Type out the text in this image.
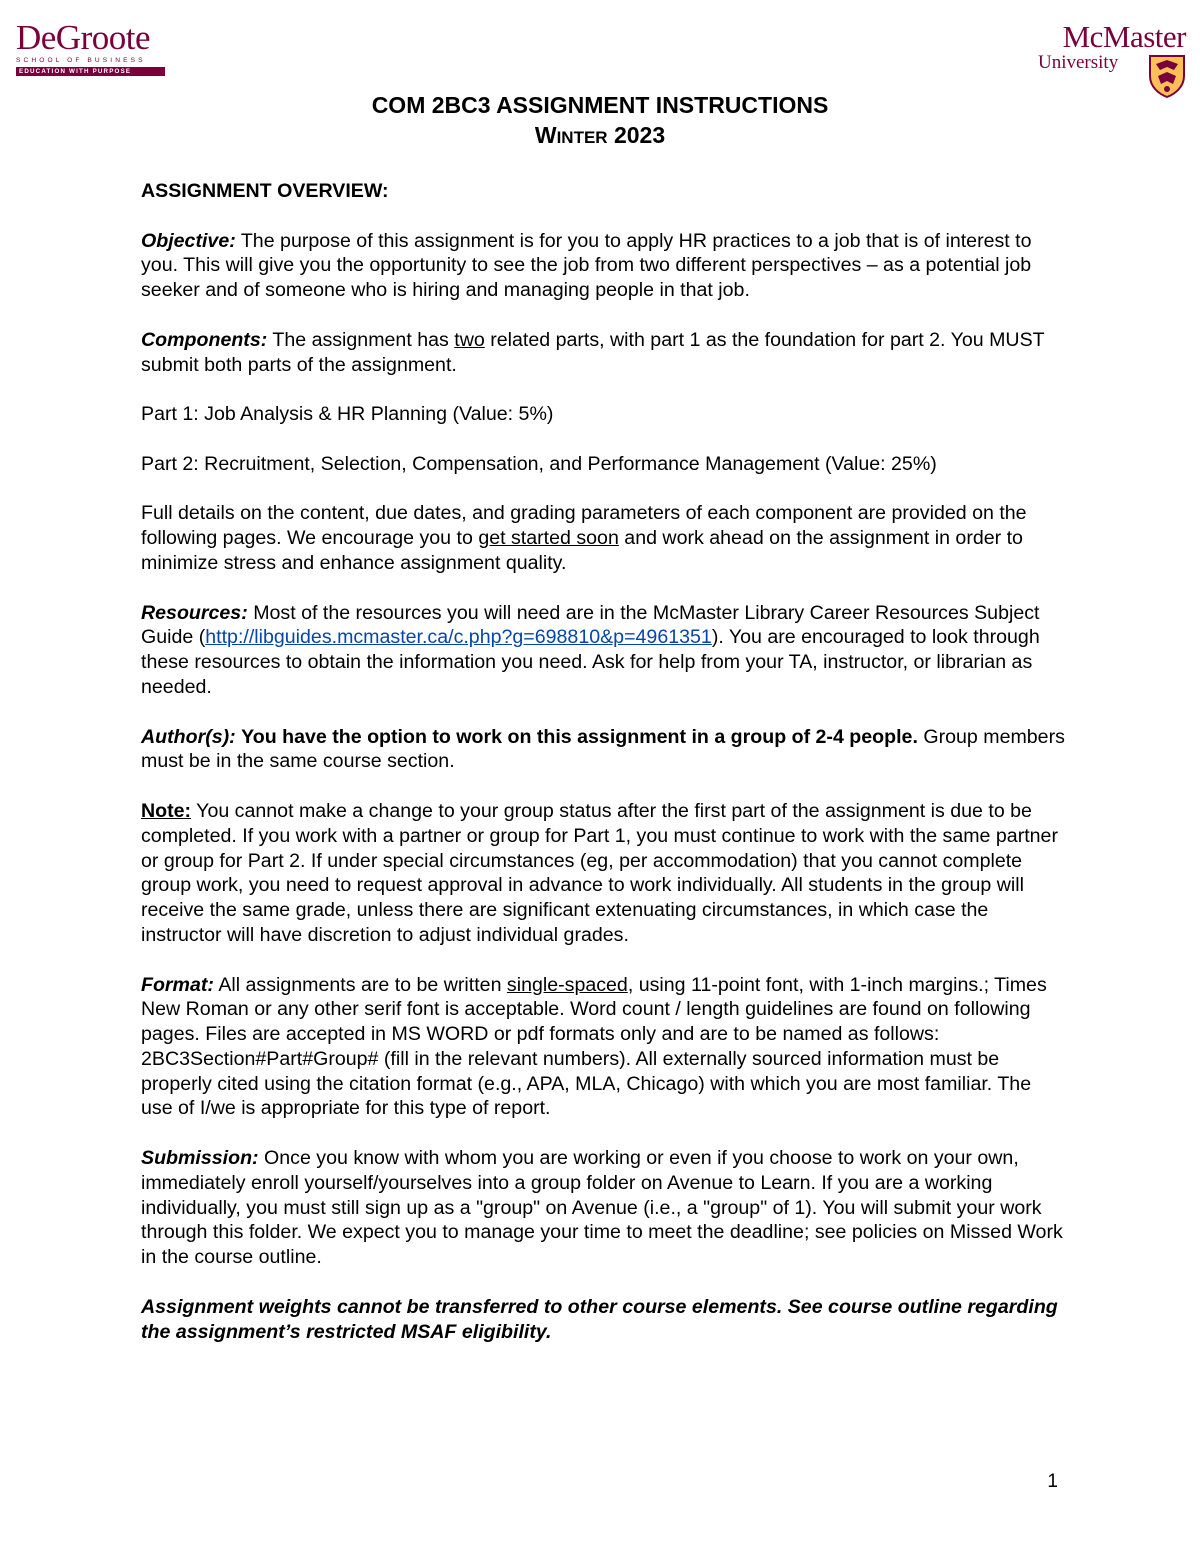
DeGroote
SCHOOL OF BUSINESS
EDUCATION WITH PURPOSE
McMaster
University
COM 2BC3 ASSIGNMENT INSTRUCTIONS
WINTER 2023

ASSIGNMENT OVERVIEW:

Objective: The purpose of this assignment is for you to apply HR practices to a job that is of interest to you. This will give you the opportunity to see the job from two different perspectives – as a potential job seeker and of someone who is hiring and managing people in that job.

Components: The assignment has two related parts, with part 1 as the foundation for part 2. You MUST submit both parts of the assignment.

Part 1: Job Analysis & HR Planning (Value: 5%)

Part 2: Recruitment, Selection, Compensation, and Performance Management (Value: 25%)

Full details on the content, due dates, and grading parameters of each component are provided on the following pages. We encourage you to get started soon and work ahead on the assignment in order to minimize stress and enhance assignment quality.

Resources: Most of the resources you will need are in the McMaster Library Career Resources Subject Guide (http://libguides.mcmaster.ca/c.php?g=698810&p=4961351). You are encouraged to look through these resources to obtain the information you need. Ask for help from your TA, instructor, or librarian as needed.

Author(s): You have the option to work on this assignment in a group of 2-4 people. Group members must be in the same course section.

Note: You cannot make a change to your group status after the first part of the assignment is due to be completed. If you work with a partner or group for Part 1, you must continue to work with the same partner or group for Part 2. If under special circumstances (eg, per accommodation) that you cannot complete group work, you need to request approval in advance to work individually. All students in the group will receive the same grade, unless there are significant extenuating circumstances, in which case the instructor will have discretion to adjust individual grades.

Format: All assignments are to be written single-spaced, using 11-point font, with 1-inch margins.; Times New Roman or any other serif font is acceptable. Word count / length guidelines are found on following pages. Files are accepted in MS WORD or pdf formats only and are to be named as follows: 2BC3Section#Part#Group# (fill in the relevant numbers). All externally sourced information must be properly cited using the citation format (e.g., APA, MLA, Chicago) with which you are most familiar. The use of I/we is appropriate for this type of report.

Submission: Once you know with whom you are working or even if you choose to work on your own, immediately enroll yourself/yourselves into a group folder on Avenue to Learn. If you are a working individually, you must still sign up as a "group" on Avenue (i.e., a "group" of 1). You will submit your work through this folder. We expect you to manage your time to meet the deadline; see policies on Missed Work in the course outline.

Assignment weights cannot be transferred to other course elements. See course outline regarding the assignment’s restricted MSAF eligibility.

1
